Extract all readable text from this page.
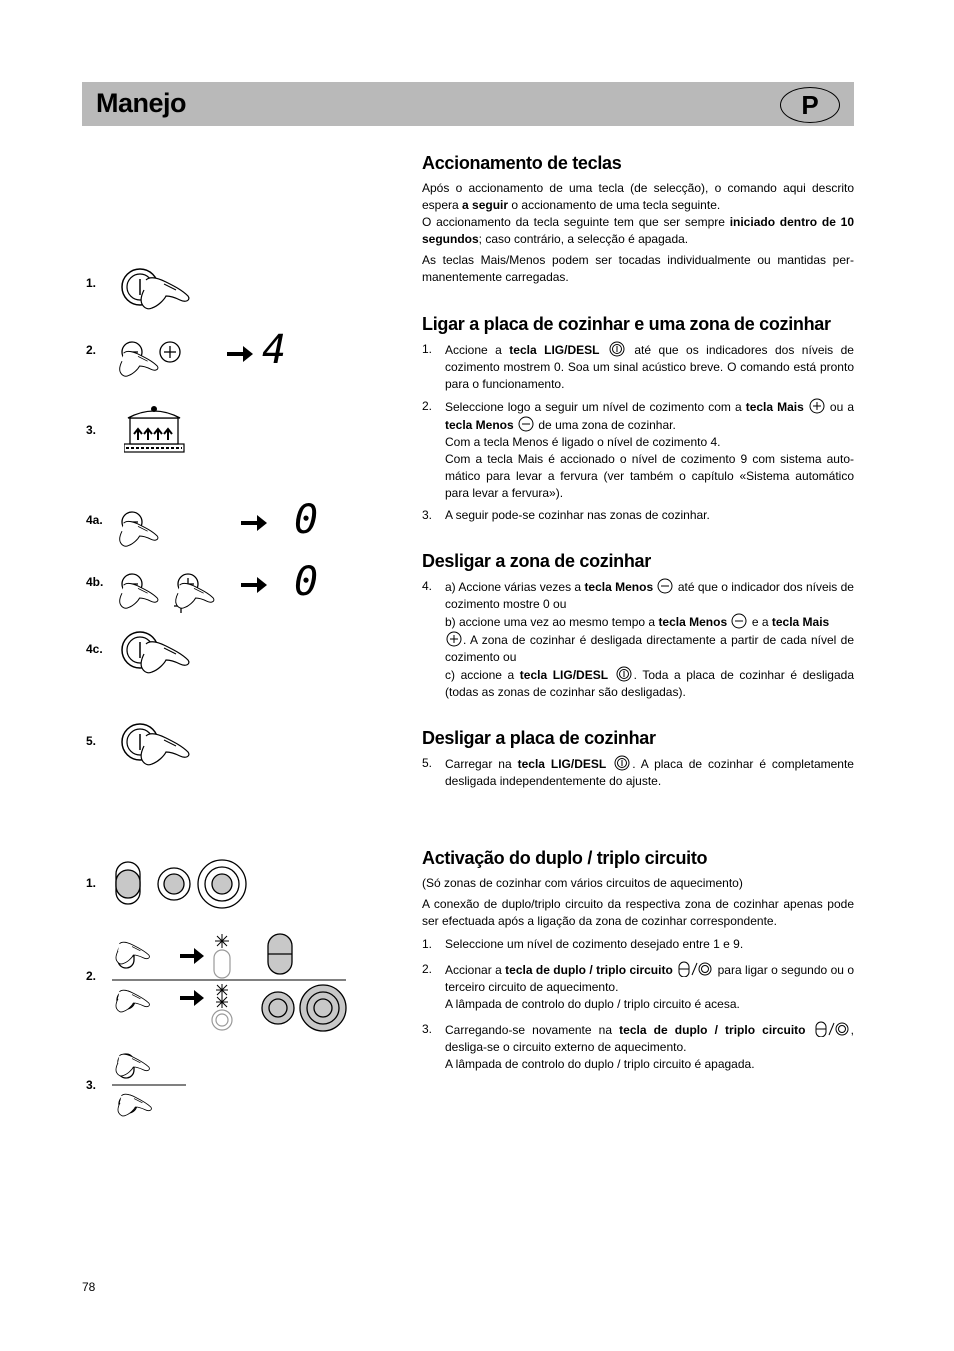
Manejo	P
1.
2.
3.
4a.
4b.
4c.
5.
1.
2.
3.
4
0
0
Accionamento de teclas

Após o accionamento de uma tecla (de selecção), o comando aqui descrito espera a seguir o accionamento de uma tecla seguinte.
O accionamento da tecla seguinte tem que ser sempre iniciado dentro de 10 segundos; caso contrário, a selecção é apagada.

As teclas Mais/Menos podem ser tocadas individualmente ou mantidas per-manentemente carregadas.

Ligar a placa de cozinhar e uma zona de cozinhar
1. Accione a tecla LIG/DESL  até que os indicadores dos níveis de cozimento mostrem 0. Soa um sinal acústico breve. O comando está pronto para o funcionamento.
2. Seleccione logo a seguir um nível de cozimento com a tecla Mais  ou a tecla Menos  de uma zona de cozinhar.
Com a tecla Menos é ligado o nível de cozimento 4.
Com a tecla Mais é accionado o nível de cozimento 9 com sistema auto-mático para levar a fervura (ver também o capítulo «Sistema automático para levar a fervura»).
3. A seguir pode-se cozinhar nas zonas de cozinhar.
Desligar a zona de cozinhar
4. a) Accione várias vezes a tecla Menos  até que o indicador dos níveis de cozimento mostre 0 ou
b) accione uma vez ao mesmo tempo a tecla Menos  e a tecla Mais
. A zona de cozinhar é desligada directamente a partir de cada nível de cozimento ou
c) accione a tecla LIG/DESL . Toda a placa de cozinhar é desligada (todas as zonas de cozinhar são desligadas).
Desligar a placa de cozinhar
5. Carregar na tecla LIG/DESL . A placa de cozinhar é completamente desligada independentemente do ajuste.
Activação do duplo / triplo circuito

(Só zonas de cozinhar com vários circuitos de aquecimento)

A conexão de duplo/triplo circuito da respectiva zona de cozinhar apenas pode ser efectuada após a ligação da zona de cozinhar correspondente.

1. Seleccione um nível de cozimento desejado entre 1 e 9.
2. Accionar a tecla de duplo / triplo circuito	para ligar o segundo ou o terceiro circuito de aquecimento.
A lâmpada de controlo do duplo / triplo circuito é acesa.
3. Carregando-se novamente na tecla de duplo / triplo circuito	, desliga-se o circuito externo de aquecimento.
A lâmpada de controlo do duplo / triplo circuito é apagada.
78
